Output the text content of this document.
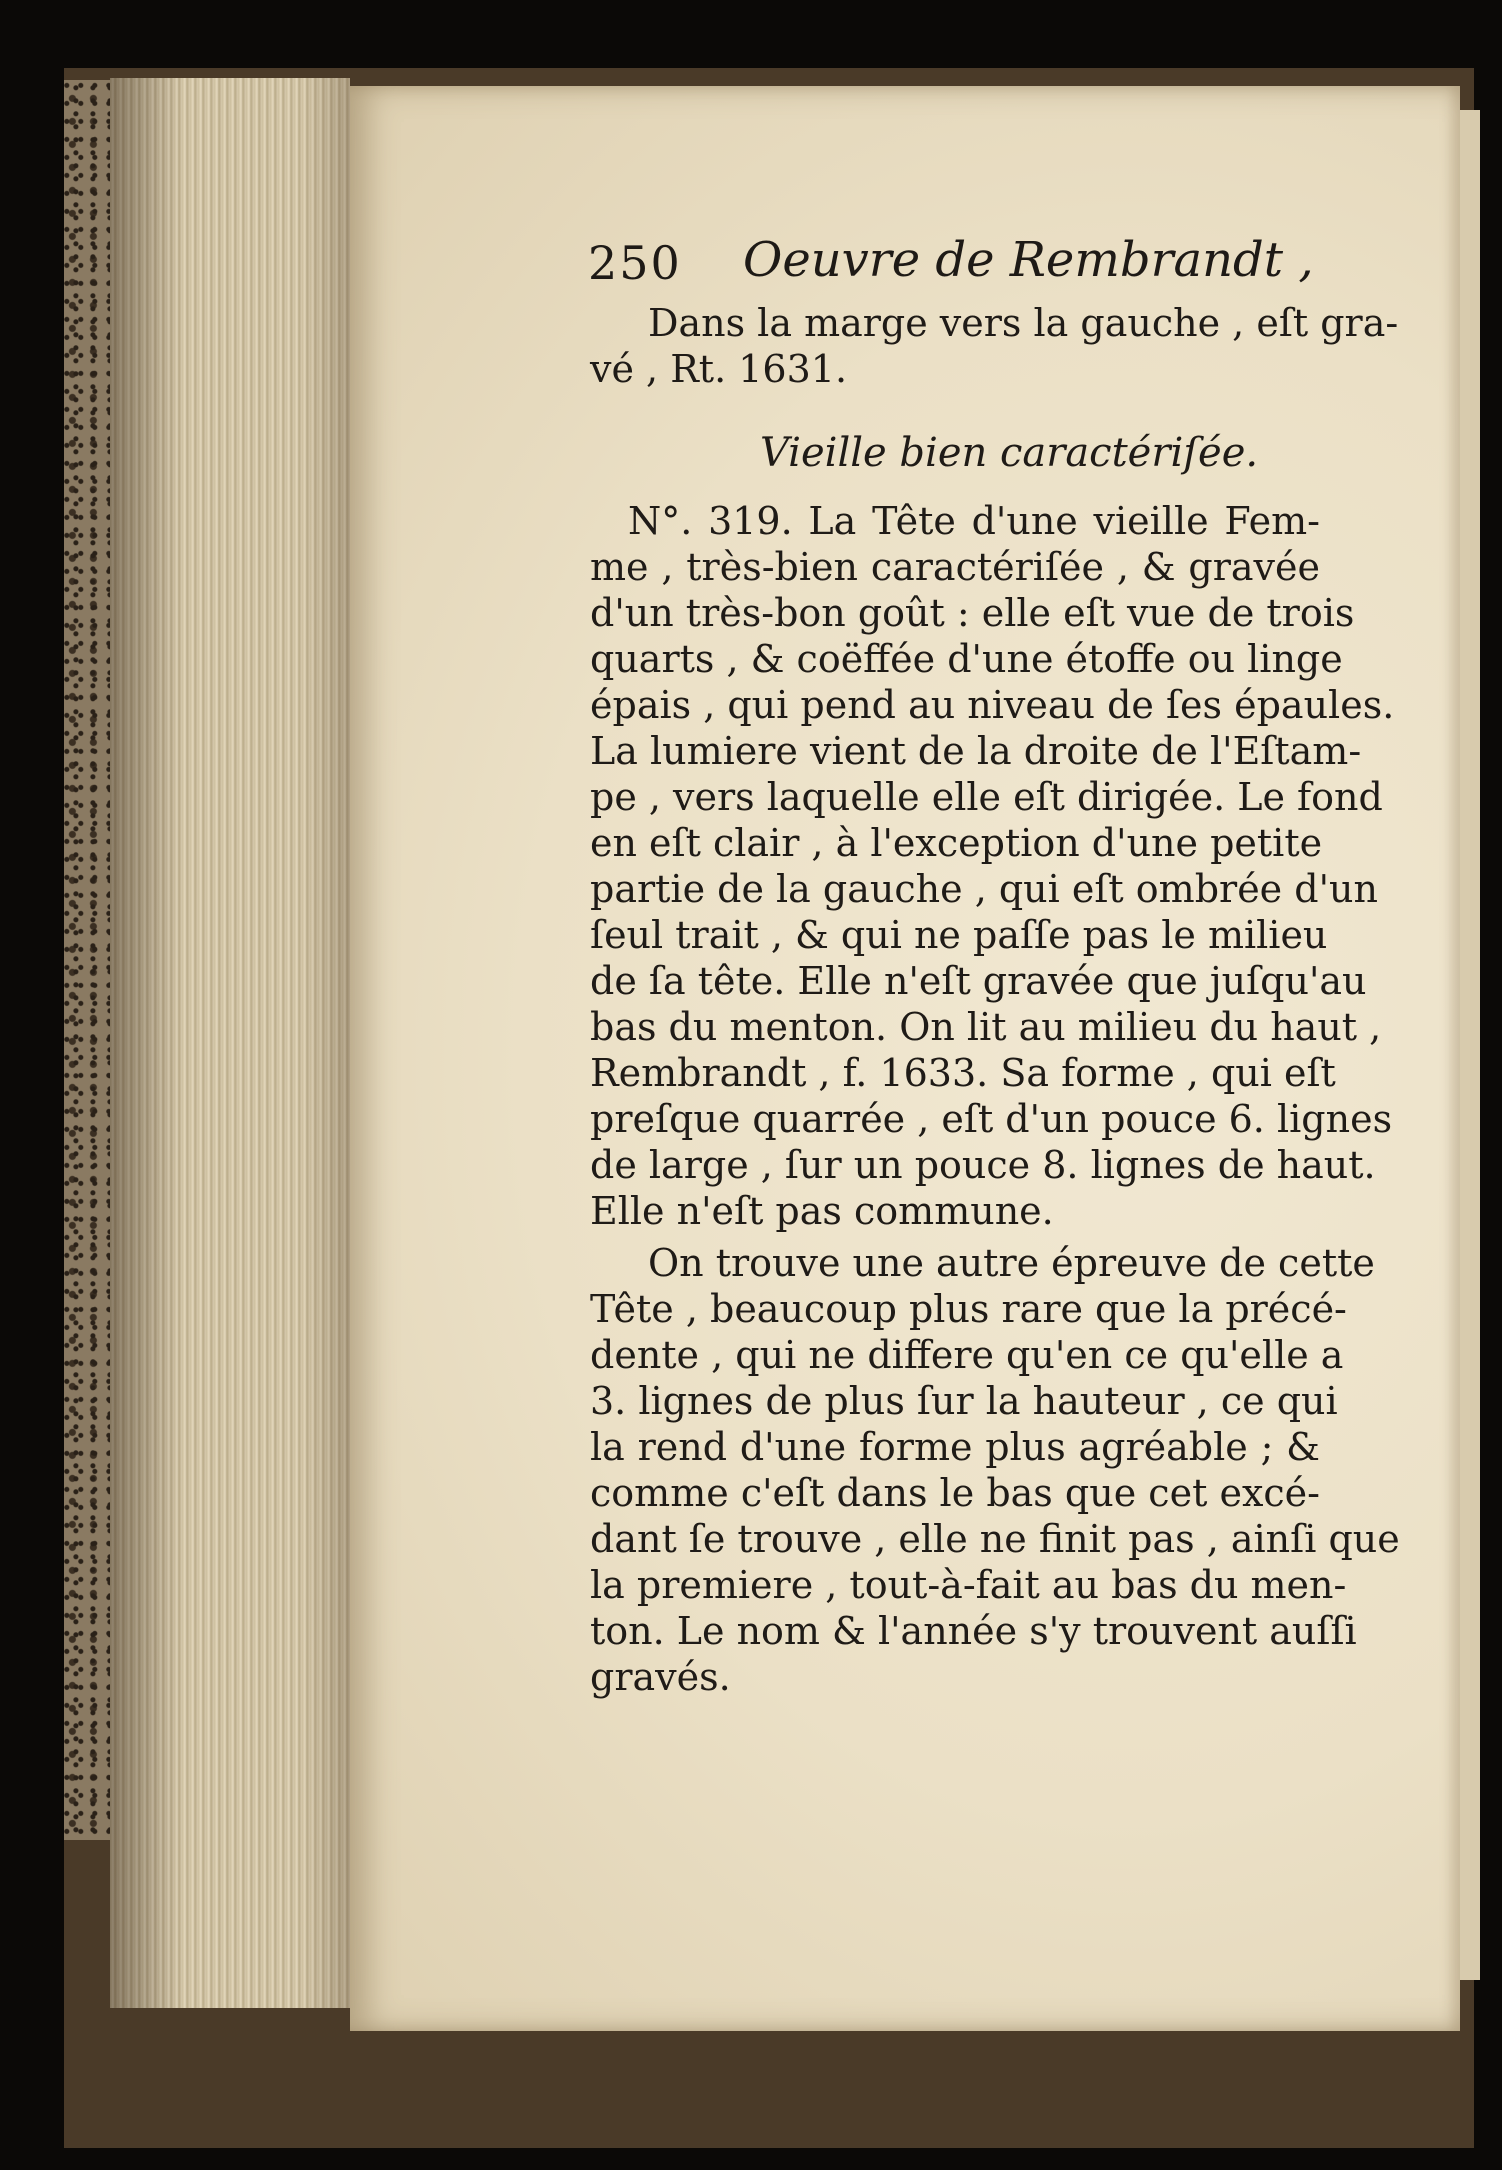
250 Oeuvre de Rembrandt ,
Dans la marge vers la gauche , eſt gra-
vé , Rt. 1631.
Vieille bien caractériſée.
N°. 319. La Tête d'une vieille Fem-
me , très-bien caractériſée , & gravée
d'un très-bon goût : elle eſt vue de trois
quarts , & coëffée d'une étoffe ou linge
épais , qui pend au niveau de ſes épaules.
La lumiere vient de la droite de l'Eſtam-
pe , vers laquelle elle eſt dirigée. Le fond
en eſt clair , à l'exception d'une petite
partie de la gauche , qui eſt ombrée d'un
ſeul trait , & qui ne paſſe pas le milieu
de ſa tête. Elle n'eſt gravée que juſqu'au
bas du menton. On lit au milieu du haut ,
Rembrandt , f. 1633. Sa forme , qui eſt
preſque quarrée , eſt d'un pouce 6. lignes
de large , ſur un pouce 8. lignes de haut.
Elle n'eſt pas commune.
On trouve une autre épreuve de cette
Tête , beaucoup plus rare que la précé-
dente , qui ne differe qu'en ce qu'elle a
3. lignes de plus ſur la hauteur , ce qui
la rend d'une forme plus agréable ; &
comme c'eſt dans le bas que cet excé-
dant ſe trouve , elle ne finit pas , ainſi que
la premiere , tout-à-fait au bas du men-
ton. Le nom & l'année s'y trouvent auſſi
gravés.
